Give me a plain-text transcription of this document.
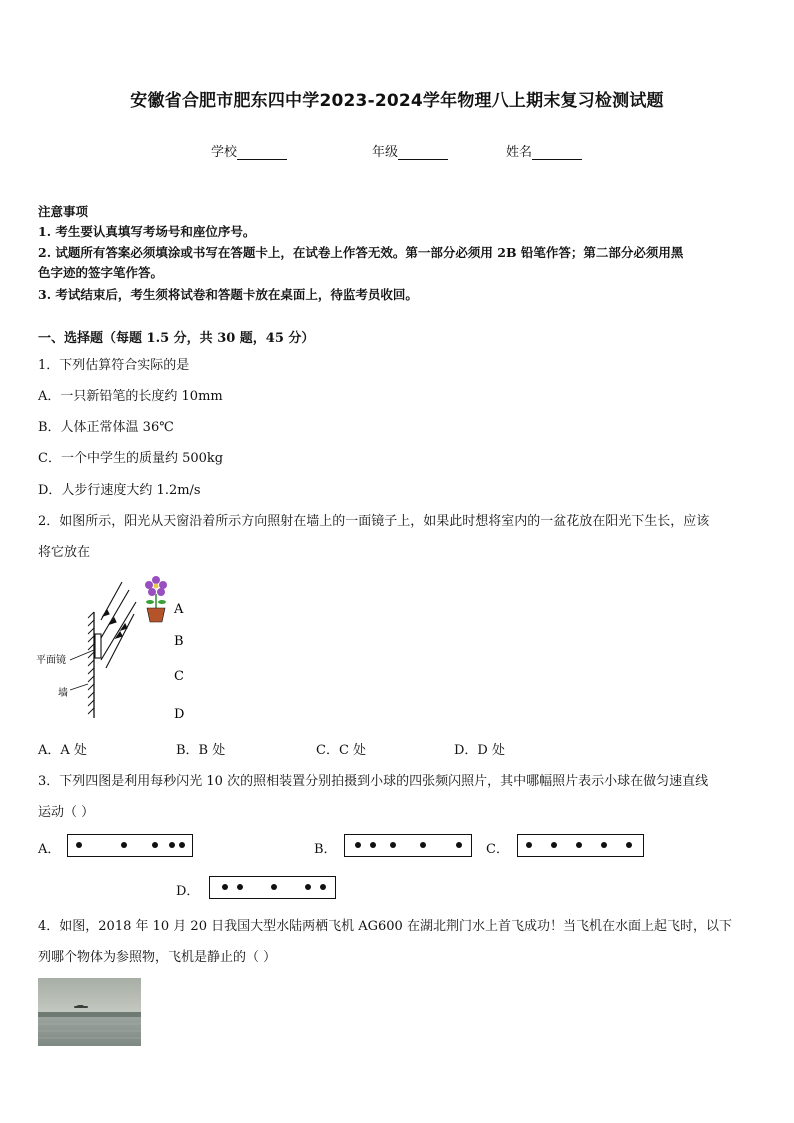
安徽省合肥市肥东四中学2023-2024学年物理八上期末复习检测试题
学校	年级	姓名
注意事项
1. 考生要认真填写考场号和座位序号。
2. 试题所有答案必须填涂或书写在答题卡上，在试卷上作答无效。第一部分必须用 2B 铅笔作答；第二部分必须用黑
色字迹的签字笔作答。
3. 考试结束后，考生须将试卷和答题卡放在桌面上，待监考员收回。
一、选择题（每题 1.5 分，共 30 题，45 分）
1．下列估算符合实际的是
A．一只新铅笔的长度约 10mm
B．人体正常体温 36℃
C．一个中学生的质量约 500kg
D．人步行速度大约 1.2m/s
2．如图所示，阳光从天窗沿着所示方向照射在墙上的一面镜子上，如果此时想将室内的一盆花放在阳光下生长，应该
将它放在
平面镜
墙
A
B
C
D
A．A 处	B．B 处	C．C 处	D．D 处
3．下列四图是利用每秒闪光 10 次的照相装置分别拍摄到小球的四张频闪照片，其中哪幅照片表示小球在做匀速直线
运动（ ）
A．	B．	C．
D．
4．如图，2018 年 10 月 20 日我国大型水陆两栖飞机 AG600 在湖北荆门水上首飞成功！当飞机在水面上起飞时，以下
列哪个物体为参照物，飞机是静止的（ ）
